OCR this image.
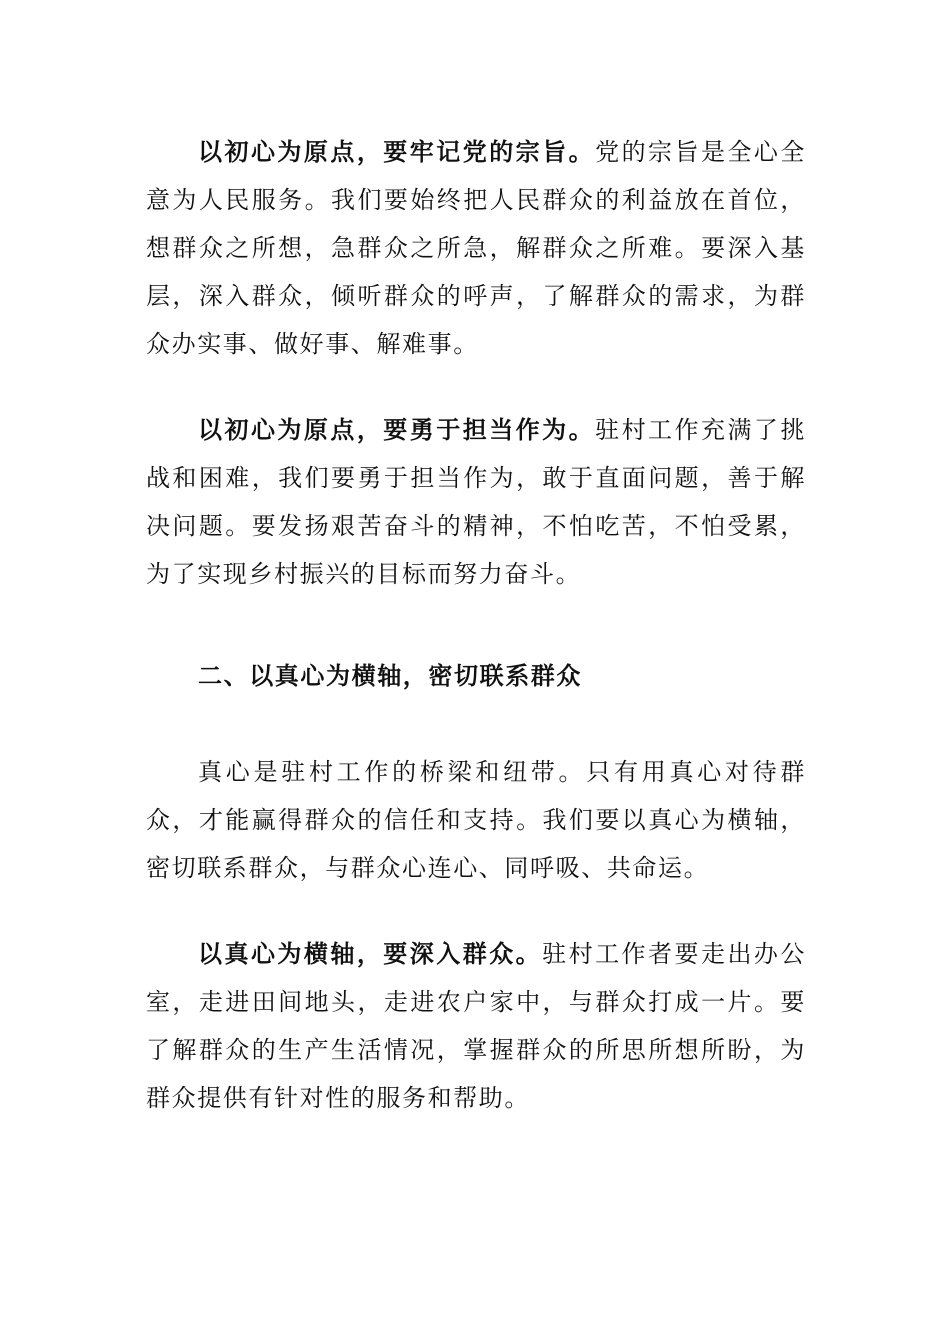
以初心为原点，要牢记党的宗旨。党的宗旨是全心全意为人民服务。我们要始终把人民群众的利益放在首位，想群众之所想，急群众之所急，解群众之所难。要深入基层，深入群众，倾听群众的呼声，了解群众的需求，为群众办实事、做好事、解难事。

以初心为原点，要勇于担当作为。驻村工作充满了挑战和困难，我们要勇于担当作为，敢于直面问题，善于解决问题。要发扬艰苦奋斗的精神，不怕吃苦，不怕受累，为了实现乡村振兴的目标而努力奋斗。

二、以真心为横轴，密切联系群众

真心是驻村工作的桥梁和纽带。只有用真心对待群众，才能赢得群众的信任和支持。我们要以真心为横轴，密切联系群众，与群众心连心、同呼吸、共命运。

以真心为横轴，要深入群众。驻村工作者要走出办公室，走进田间地头，走进农户家中，与群众打成一片。要了解群众的生产生活情况，掌握群众的所思所想所盼，为群众提供有针对性的服务和帮助。
